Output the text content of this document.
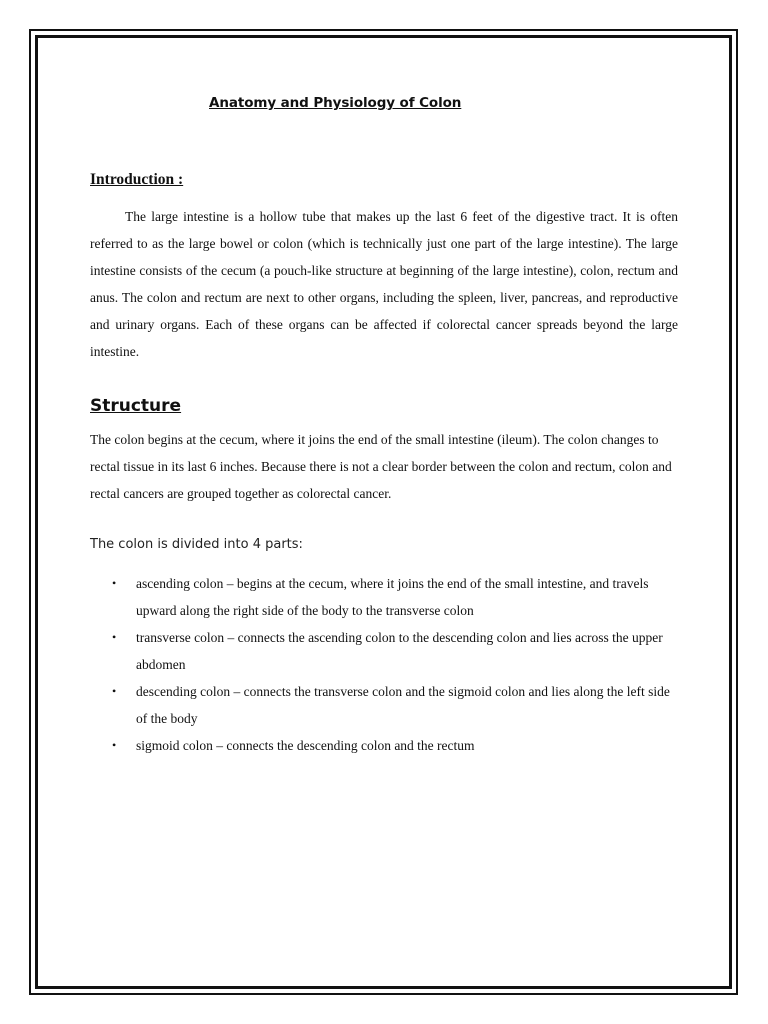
Anatomy and Physiology of Colon
Introduction :

The large intestine is a hollow tube that makes up the last 6 feet of the digestive tract. It is often referred to as the large bowel or colon (which is technically just one part of the large intestine). The large intestine consists of the cecum (a pouch-like structure at beginning of the large intestine), colon, rectum and anus. The colon and rectum are next to other organs, including the spleen, liver, pancreas, and reproductive and urinary organs. Each of these organs can be affected if colorectal cancer spreads beyond the large intestine.

Structure

The colon begins at the cecum, where it joins the end of the small intestine (ileum). The colon changes to rectal tissue in its last 6 inches. Because there is not a clear border between the colon and rectum, colon and rectal cancers are grouped together as colorectal cancer.

The colon is divided into 4 parts:
• ascending colon – begins at the cecum, where it joins the end of the small intestine, and travels upward along the right side of the body to the transverse colon
• transverse colon – connects the ascending colon to the descending colon and lies across the upper abdomen
• descending colon – connects the transverse colon and the sigmoid colon and lies along the left side of the body
• sigmoid colon – connects the descending colon and the rectum
